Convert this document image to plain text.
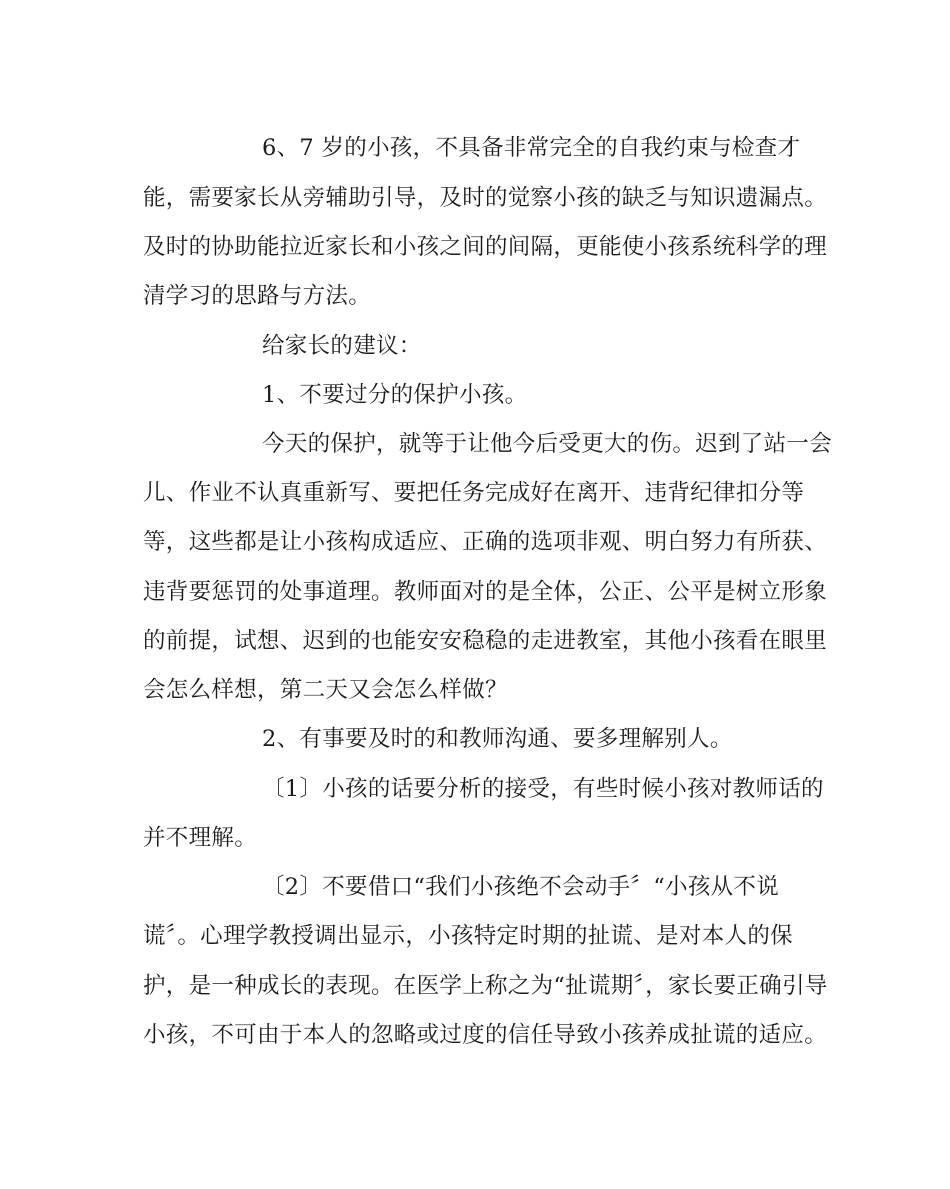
6、7 岁的小孩，不具备非常完全的自我约束与检查才
能，需要家长从旁辅助引导，及时的觉察小孩的缺乏与知识遗漏点。
及时的协助能拉近家长和小孩之间的间隔，更能使小孩系统科学的理
清学习的思路与方法。
给家长的建议：
1、不要过分的保护小孩。
今天的保护，就等于让他今后受更大的伤。迟到了站一会
儿、作业不认真重新写、要把任务完成好在离开、违背纪律扣分等
等，这些都是让小孩构成适应、正确的选项非观、明白努力有所获、
违背要惩罚的处事道理。教师面对的是全体，公正、公平是树立形象
的前提，试想、迟到的也能安安稳稳的走进教室，其他小孩看在眼里
会怎么样想，第二天又会怎么样做？
2、有事要及时的和教师沟通、要多理解别人。
〔1〕小孩的话要分析的接受，有些时候小孩对教师话的
并不理解。
〔2〕不要借口“我们小孩绝不会动手〞“小孩从不说
谎〞。心理学教授调出显示，小孩特定时期的扯谎、是对本人的保
护，是一种成长的表现。在医学上称之为“扯谎期〞，家长要正确引导
小孩，不可由于本人的忽略或过度的信任导致小孩养成扯谎的适应。
